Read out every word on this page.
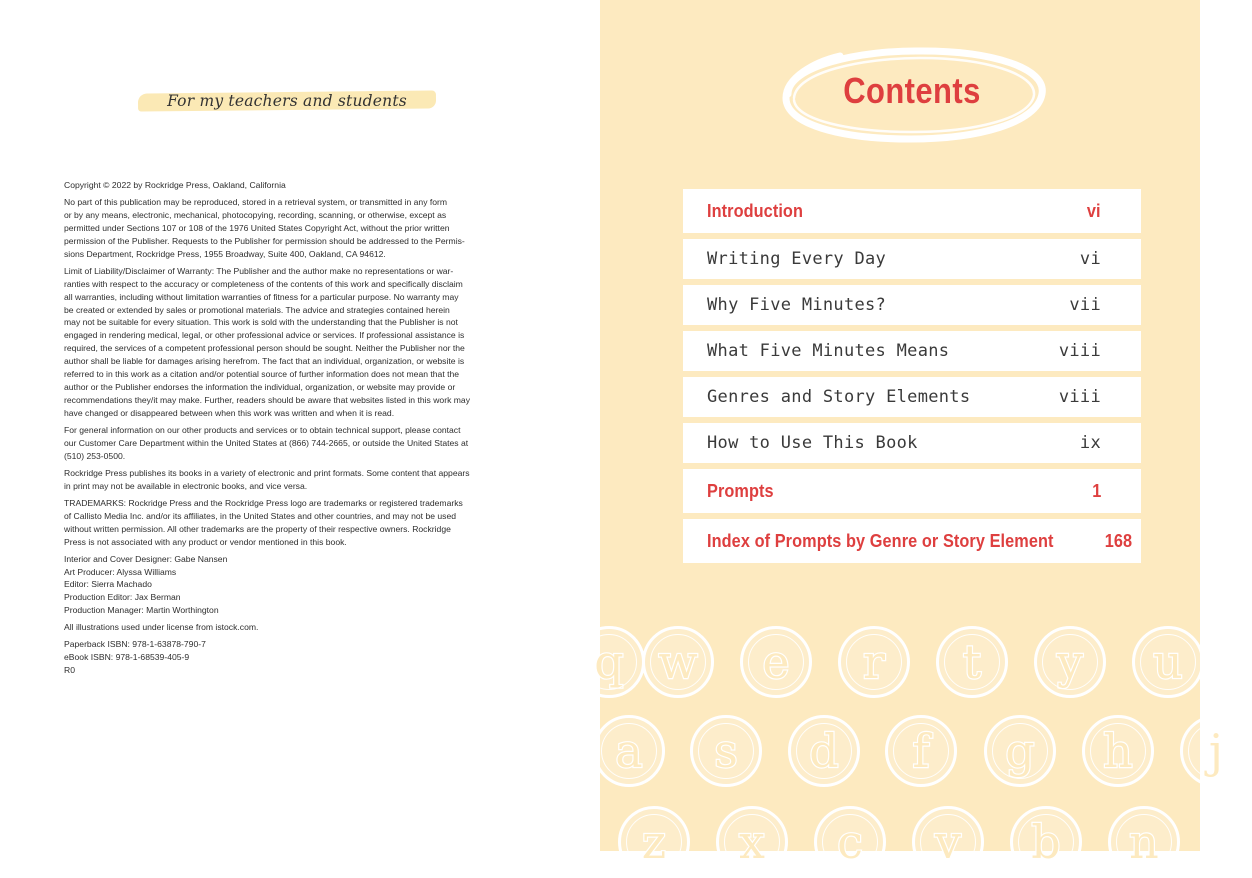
For my teachers and students

Copyright © 2022 by Rockridge Press, Oakland, California

No part of this publication may be reproduced, stored in a retrieval system, or transmitted in any form
or by any means, electronic, mechanical, photocopying, recording, scanning, or otherwise, except as
permitted under Sections 107 or 108 of the 1976 United States Copyright Act, without the prior written
permission of the Publisher. Requests to the Publisher for permission should be addressed to the Permis-
sions Department, Rockridge Press, 1955 Broadway, Suite 400, Oakland, CA 94612.

Limit of Liability/Disclaimer of Warranty: The Publisher and the author make no representations or war-
ranties with respect to the accuracy or completeness of the contents of this work and specifically disclaim
all warranties, including without limitation warranties of fitness for a particular purpose. No warranty may
be created or extended by sales or promotional materials. The advice and strategies contained herein
may not be suitable for every situation. This work is sold with the understanding that the Publisher is not
engaged in rendering medical, legal, or other professional advice or services. If professional assistance is
required, the services of a competent professional person should be sought. Neither the Publisher nor the
author shall be liable for damages arising herefrom. The fact that an individual, organization, or website is
referred to in this work as a citation and/or potential source of further information does not mean that the
author or the Publisher endorses the information the individual, organization, or website may provide or
recommendations they/it may make. Further, readers should be aware that websites listed in this work may
have changed or disappeared between when this work was written and when it is read.

For general information on our other products and services or to obtain technical support, please contact
our Customer Care Department within the United States at (866) 744-2665, or outside the United States at
(510) 253-0500.

Rockridge Press publishes its books in a variety of electronic and print formats. Some content that appears
in print may not be available in electronic books, and vice versa.

TRADEMARKS: Rockridge Press and the Rockridge Press logo are trademarks or registered trademarks
of Callisto Media Inc. and/or its affiliates, in the United States and other countries, and may not be used
without written permission. All other trademarks are the property of their respective owners. Rockridge
Press is not associated with any product or vendor mentioned in this book.

Interior and Cover Designer: Gabe Nansen
Art Producer: Alyssa Williams
Editor: Sierra Machado
Production Editor: Jax Berman
Production Manager: Martin Worthington

All illustrations used under license from istock.com.

Paperback ISBN: 978-1-63878-790-7
eBook ISBN: 978-1-68539-405-9
R0	q w e r t y u
a s d f g h j
z x c v b n
Contents
Introduction	vi
Writing Every Day	vi
Why Five Minutes?	vii
What Five Minutes Means	viii
Genres and Story Elements	viii
How to Use This Book	ix
Prompts	1
Index of Prompts by Genre or Story Element	168
